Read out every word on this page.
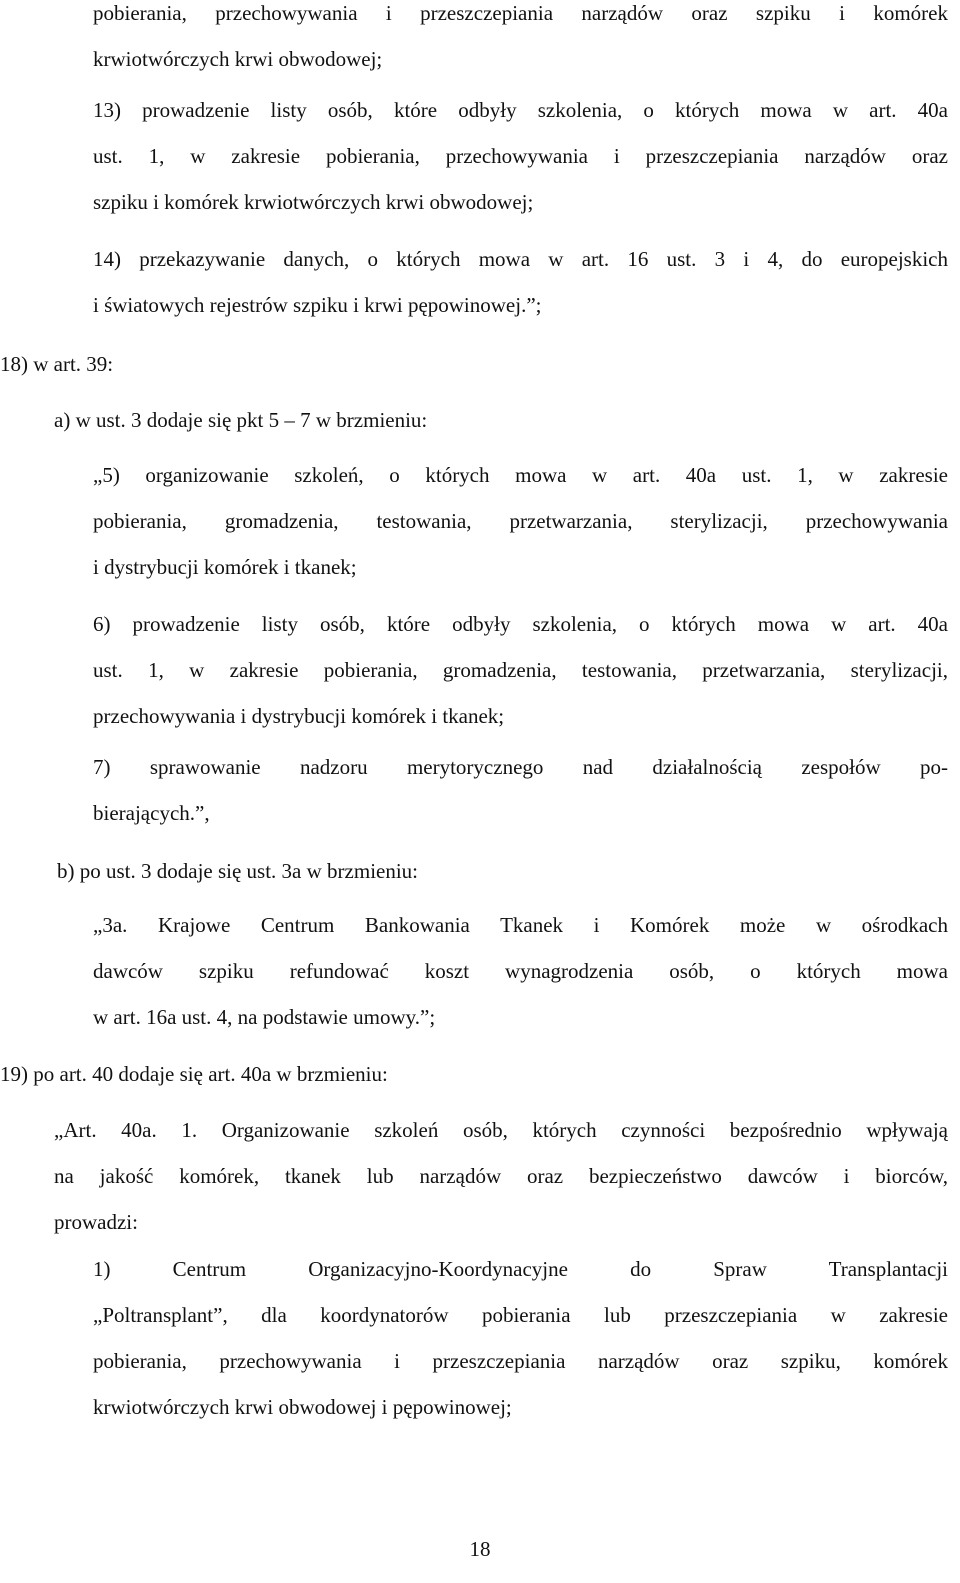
pobierania, przechowywania i przeszczepiania narządów oraz szpiku i komórek
krwiotwórczych krwi obwodowej;
13) prowadzenie listy osób, które odbyły szkolenia, o których mowa w art. 40a
ust. 1, w zakresie pobierania, przechowywania i przeszczepiania narządów oraz
szpiku i komórek krwiotwórczych krwi obwodowej;
14) przekazywanie danych, o których mowa w art. 16 ust. 3 i 4, do europejskich
i światowych rejestrów szpiku i krwi pępowinowej.”;
18) w art. 39:
a) w ust. 3 dodaje się pkt 5 – 7 w brzmieniu:
„5) organizowanie szkoleń, o których mowa w art. 40a ust. 1, w zakresie
pobierania, gromadzenia, testowania, przetwarzania, sterylizacji, przechowywania
i dystrybucji komórek i tkanek;
6) prowadzenie listy osób, które odbyły szkolenia, o których mowa w art. 40a
ust. 1, w zakresie pobierania, gromadzenia, testowania, przetwarzania, sterylizacji,
przechowywania i dystrybucji komórek i tkanek;
7) sprawowanie nadzoru merytorycznego nad działalnością zespołów po-
bierających.”,
b) po ust. 3 dodaje się ust. 3a w brzmieniu:
„3a. Krajowe Centrum Bankowania Tkanek i Komórek może w ośrodkach
dawców szpiku refundować koszt wynagrodzenia osób, o których mowa
w art. 16a ust. 4, na podstawie umowy.”;
19) po art. 40 dodaje się art. 40a w brzmieniu:
„Art. 40a. 1. Organizowanie szkoleń osób, których czynności bezpośrednio wpływają
na jakość komórek, tkanek lub narządów oraz bezpieczeństwo dawców i biorców,
prowadzi:
1) Centrum Organizacyjno-Koordynacyjne do Spraw Transplantacji
„Poltransplant”, dla koordynatorów pobierania lub przeszczepiania w zakresie
pobierania, przechowywania i przeszczepiania narządów oraz szpiku, komórek
krwiotwórczych krwi obwodowej i pępowinowej;
18
